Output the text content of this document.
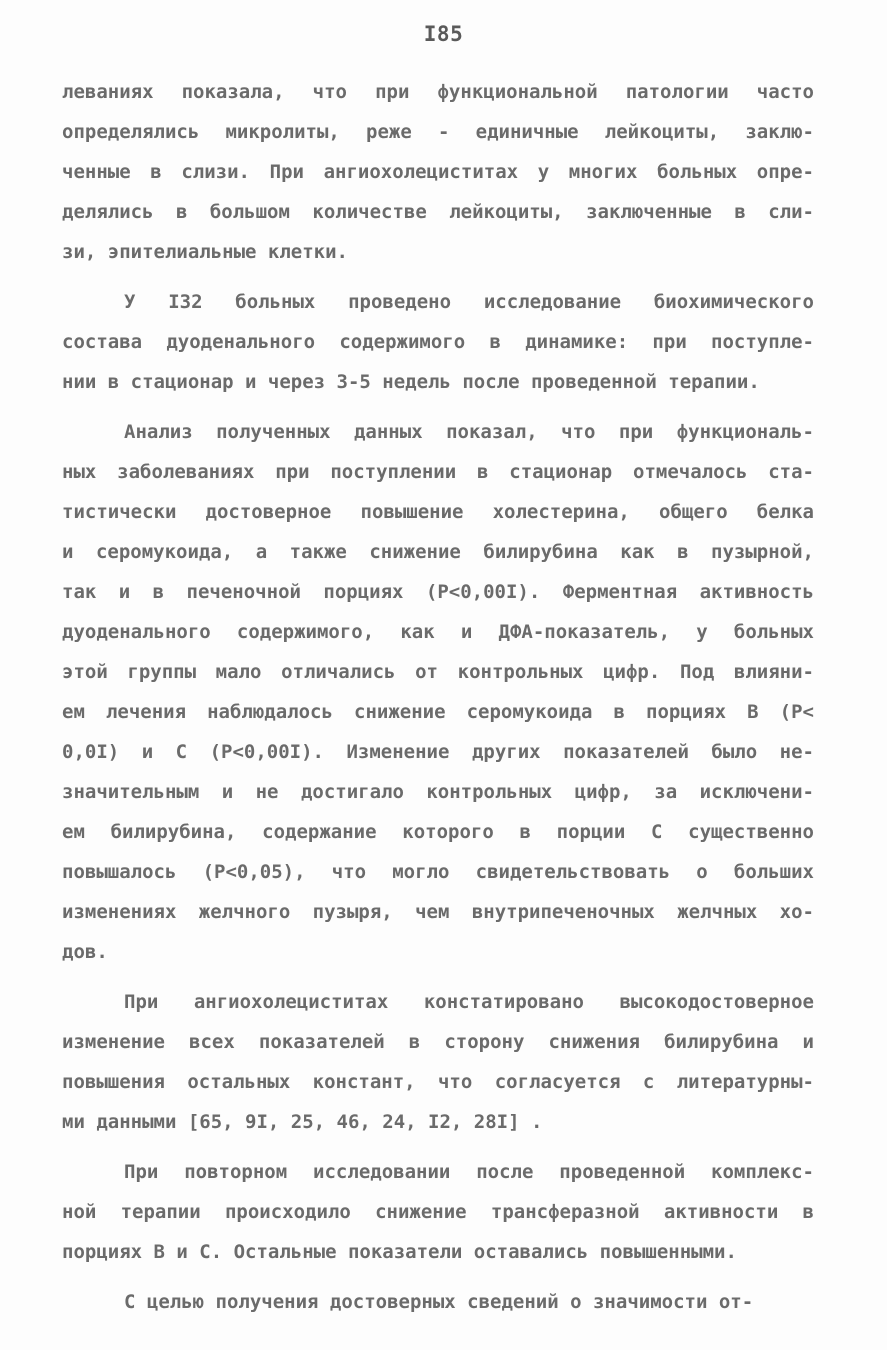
I85
леваниях показала, что при функциональной патологии часто
определялись микролиты, реже - единичные лейкоциты, заклю-
ченные в слизи. При ангиохолециститах у многих больных опре-
делялись в большом количестве лейкоциты, заключенные в сли-
зи, эпителиальные клетки.
У I32 больных проведено исследование биохимического
состава дуоденального содержимого в динамике: при поступле-
нии в стационар и через 3-5 недель после проведенной терапии.
Анализ полученных данных показал, что при функциональ-
ных заболеваниях при поступлении в стационар отмечалось ста-
тистически достоверное повышение холестерина, общего белка
и серомукоида, а также снижение билирубина как в пузырной,
так и в печеночной порциях (Р<0,00I). Ферментная активность
дуоденального содержимого, как и ДФА-показатель, у больных
этой группы мало отличались от контрольных цифр. Под влияни-
ем лечения наблюдалось снижение серомукоида в порциях В (Р<
0,0I) и С (Р<0,00I). Изменение других показателей было не-
значительным и не достигало контрольных цифр, за исключени-
ем билирубина, содержание которого в порции С существенно
повышалось (Р<0,05), что могло свидетельствовать о больших
изменениях желчного пузыря, чем внутрипеченочных желчных хо-
дов.
При ангиохолециститах констатировано высокодостоверное
изменение всех показателей в сторону снижения билирубина и
повышения остальных констант, что согласуется с литературны-
ми данными [65, 9I, 25, 46, 24, I2, 28I] .
При повторном исследовании после проведенной комплекс-
ной терапии происходило снижение трансферазной активности в
порциях В и С. Остальные показатели оставались повышенными.
С целью получения достоверных сведений о значимости от-
